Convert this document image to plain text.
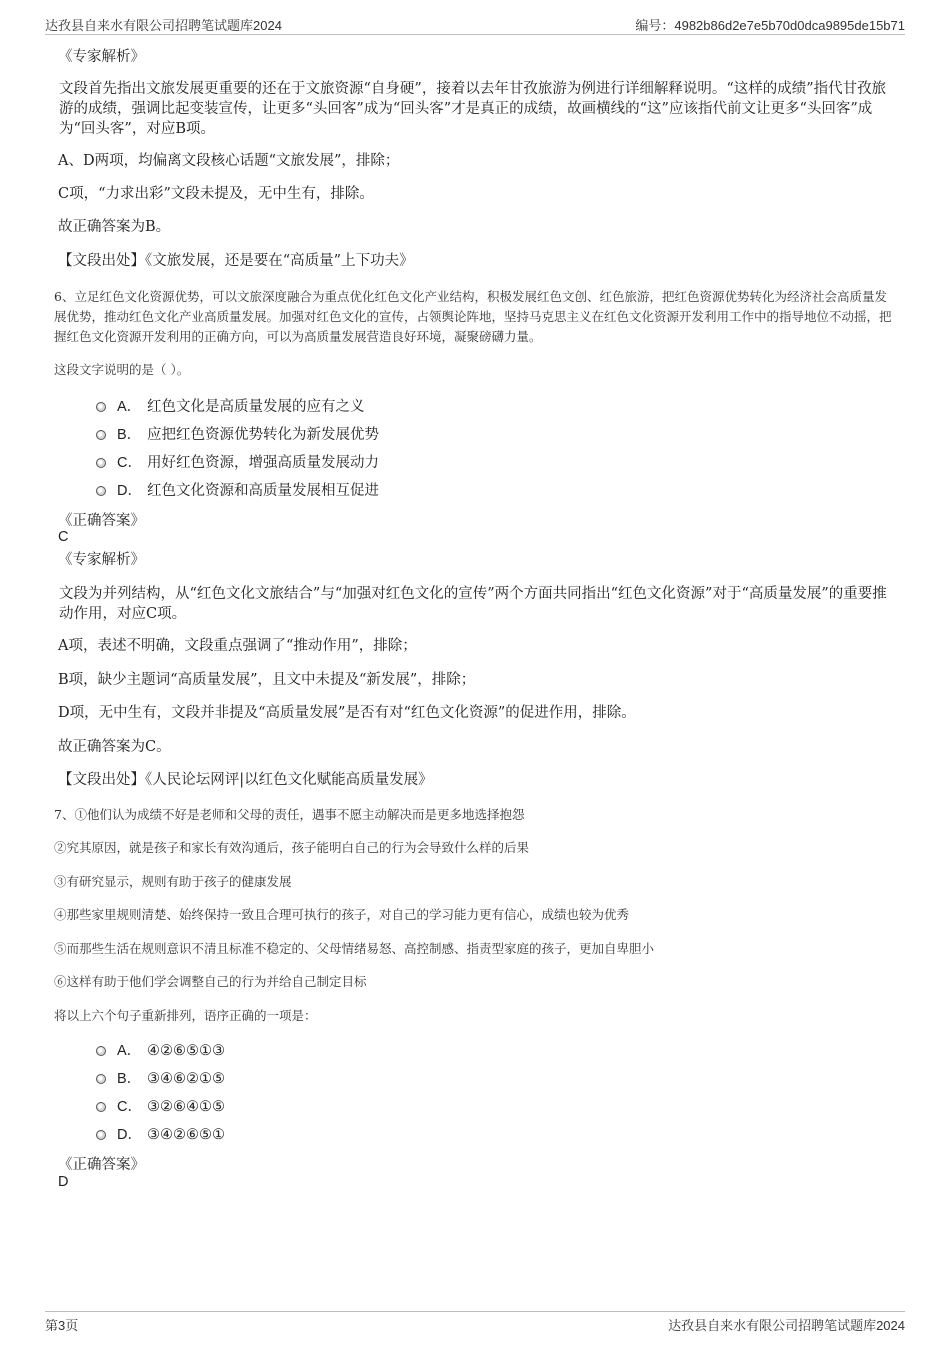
达孜县自来水有限公司招聘笔试题库2024	编号：4982b86d2e7e5b70d0dca9895de15b71
《专家解析》
文段首先指出文旅发展更重要的还在于文旅资源“自身硬”，接着以去年甘孜旅游为例进行详细解释说明。“这样的成绩”指代甘孜旅游的成绩，强调比起变装宣传，让更多“头回客”成为“回头客”才是真正的成绩，故画横线的“这”应该指代前文让更多“头回客”成为“回头客”，对应B项。
A、D两项，均偏离文段核心话题“文旅发展”，排除；
C项，“力求出彩”文段未提及，无中生有，排除。
故正确答案为B。
【文段出处】《文旅发展，还是要在“高质量”上下功夫》
6、立足红色文化资源优势，可以文旅深度融合为重点优化红色文化产业结构，积极发展红色文创、红色旅游，把红色资源优势转化为经济社会高质量发展优势，推动红色文化产业高质量发展。加强对红色文化的宣传，占领舆论阵地，坚持马克思主义在红色文化资源开发利用工作中的指导地位不动摇，把握红色文化资源开发利用的正确方向，可以为高质量发展营造良好环境，凝聚磅礴力量。
这段文字说明的是（ ）。
A． 红色文化是高质量发展的应有之义
B． 应把红色资源优势转化为新发展优势
C． 用好红色资源，增强高质量发展动力
D． 红色文化资源和高质量发展相互促进
《正确答案》
C
《专家解析》
文段为并列结构，从“红色文化文旅结合”与“加强对红色文化的宣传”两个方面共同指出“红色文化资源”对于“高质量发展”的重要推动作用，对应C项。
A项，表述不明确，文段重点强调了“推动作用”，排除；
B项，缺少主题词“高质量发展”，且文中未提及“新发展”，排除；
D项，无中生有，文段并非提及“高质量发展”是否有对“红色文化资源”的促进作用，排除。
故正确答案为C。
【文段出处】《人民论坛网评|以红色文化赋能高质量发展》
7、①他们认为成绩不好是老师和父母的责任，遇事不愿主动解决而是更多地选择抱怨
②究其原因，就是孩子和家长有效沟通后，孩子能明白自己的行为会导致什么样的后果
③有研究显示，规则有助于孩子的健康发展
④那些家里规则清楚、始终保持一致且合理可执行的孩子，对自己的学习能力更有信心，成绩也较为优秀
⑤而那些生活在规则意识不清且标准不稳定的、父母情绪易怒、高控制感、指责型家庭的孩子，更加自卑胆小
⑥这样有助于他们学会调整自己的行为并给自己制定目标
将以上六个句子重新排列，语序正确的一项是：
A． ④②⑥⑤①③
B． ③④⑥②①⑤
C． ③②⑥④①⑤
D． ③④②⑥⑤①
《正确答案》
D
第3页	达孜县自来水有限公司招聘笔试题库2024
